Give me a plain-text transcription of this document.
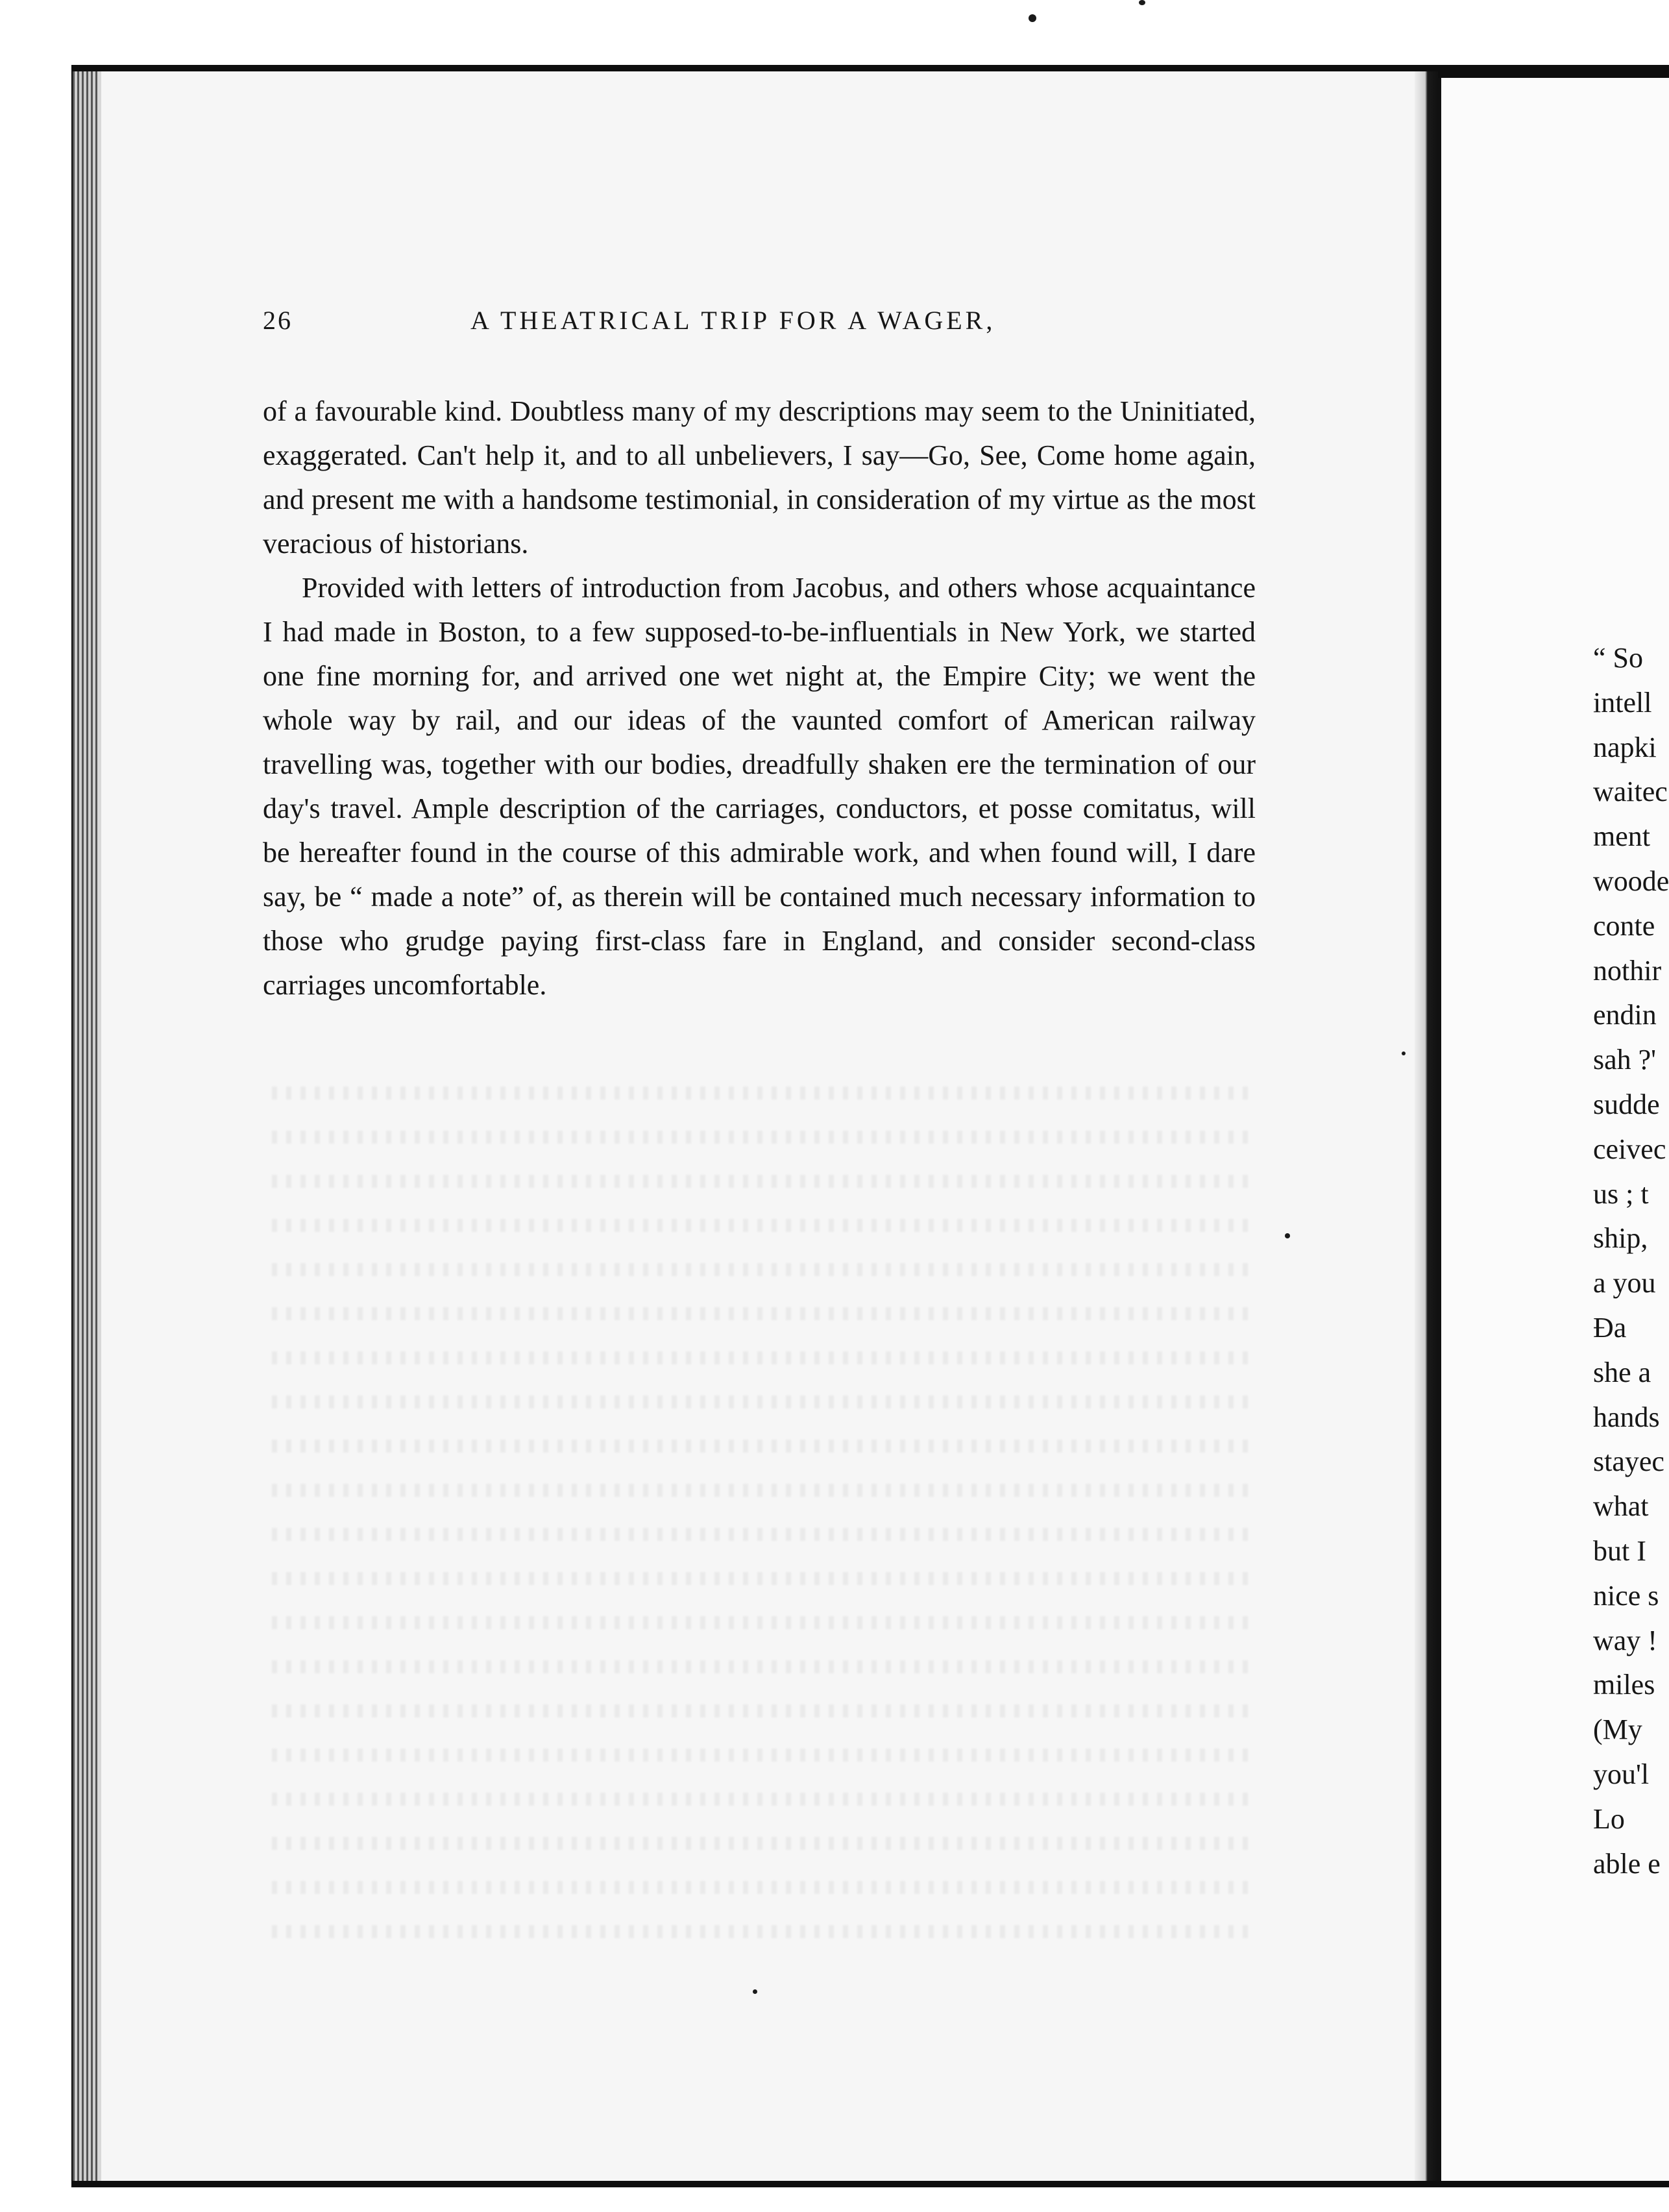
26	A THEATRICAL TRIP FOR A WAGER,

of a favourable kind. Doubtless many of my descriptions may seem to the Uninitiated, exaggerated. Can't help it, and to all unbelievers, I say—Go, See, Come home again, and present me with a handsome testimonial, in consideration of my virtue as the most veracious of historians.

Provided with letters of introduction from Jacobus, and others whose acquaintance I had made in Boston, to a few supposed-to-be-influentials in New York, we started one fine morning for, and arrived one wet night at, the Empire City; we went the whole way by rail, and our ideas of the vaunted comfort of American railway travelling was, together with our bodies, dreadfully shaken ere the termination of our day's travel. Ample description of the carriages, conductors, et posse comitatus, will be hereafter found in the course of this admirable work, and when found will, I dare say, be “ made a note” of, as therein will be contained much necessary information to those who grudge paying first-class fare in England, and consider second-class carriages uncomfortable.

“ So
intell
napki
waitec
ment
woode
conte
nothir
endin
sah ?'
sudde
ceivec
us ; t
ship,
a you
Đa
she a
hands
stayec
what
but I
nice s
way !
miles
(My
you'l
Lo
able e
